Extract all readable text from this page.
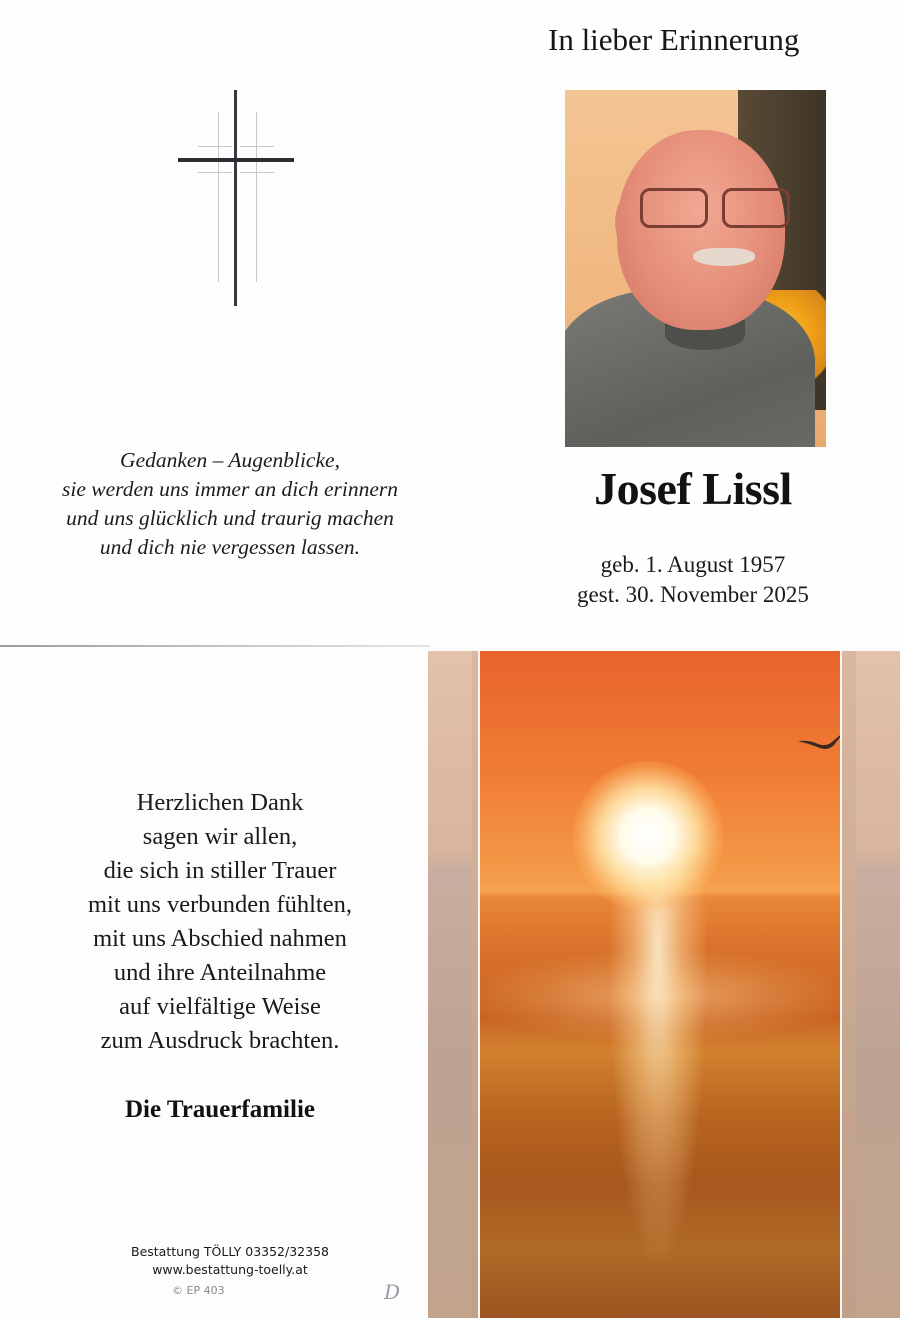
Gedanken – Augenblicke,
sie werden uns immer an dich erinnern
und uns glücklich und traurig machen
und dich nie vergessen lassen.
In lieber Erinnerung
Josef Lissl
geb. 1. August 1957
gest. 30. November 2025
Herzlichen Dank
sagen wir allen,
die sich in stiller Trauer
mit uns verbunden fühlten,
mit uns Abschied nahmen
und ihre Anteilnahme
auf vielfältige Weise
zum Ausdruck brachten.
Die Trauerfamilie
Bestattung TÖLLY 03352/32358
www.bestattung-toelly.at
© EP 403	D
